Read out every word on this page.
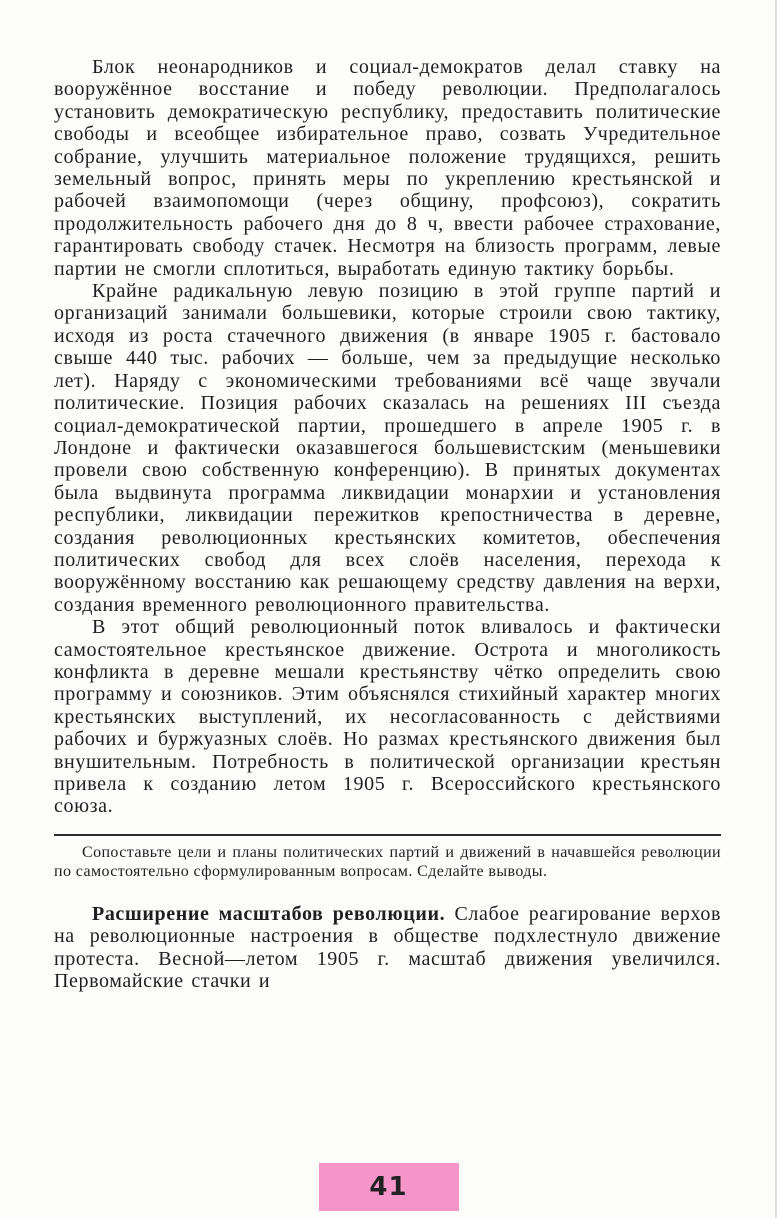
Блок неонародников и социал-демократов делал ставку на вооружённое восстание и победу революции. Предполагалось установить демократическую республику, предоставить политические свободы и всеобщее избирательное право, созвать Учредительное собрание, улучшить материальное положение трудящихся, решить земельный вопрос, принять меры по укреплению крестьянской и рабочей взаимопомощи (через общину, профсоюз), сократить продолжительность рабочего дня до 8 ч, ввести рабочее страхование, гарантировать свободу стачек. Несмотря на близость программ, левые партии не смогли сплотиться, выработать единую тактику борьбы.

Крайне радикальную левую позицию в этой группе партий и организаций занимали большевики, которые строили свою тактику, исходя из роста стачечного движения (в январе 1905 г. бастовало свыше 440 тыс. рабочих — больше, чем за предыдущие несколько лет). Наряду с экономическими требованиями всё чаще звучали политические. Позиция рабочих сказалась на решениях III съезда социал-демократической партии, прошедшего в апреле 1905 г. в Лондоне и фактически оказавшегося большевистским (меньшевики провели свою собственную конференцию). В принятых документах была выдвинута программа ликвидации монархии и установления республики, ликвидации пережитков крепостничества в деревне, создания революционных крестьянских комитетов, обеспечения политических свобод для всех слоёв населения, перехода к вооружённому восстанию как решающему средству давления на верхи, создания временного революционного правительства.

В этот общий революционный поток вливалось и фактически самостоятельное крестьянское движение. Острота и многоликость конфликта в деревне мешали крестьянству чётко определить свою программу и союзников. Этим объяснялся стихийный характер многих крестьянских выступлений, их несогласованность с действиями рабочих и буржуазных слоёв. Но размах крестьянского движения был внушительным. Потребность в политической организации крестьян привела к созданию летом 1905 г. Всероссийского крестьянского союза.

Сопоставьте цели и планы политических партий и движений в начавшейся революции по самостоятельно сформулированным вопросам. Сделайте выводы.

Расширение масштабов революции. Слабое реагирование верхов на революционные настроения в обществе подхлестнуло движение протеста. Весной—летом 1905 г. масштаб движения увеличился. Первомайские стачки и

41
